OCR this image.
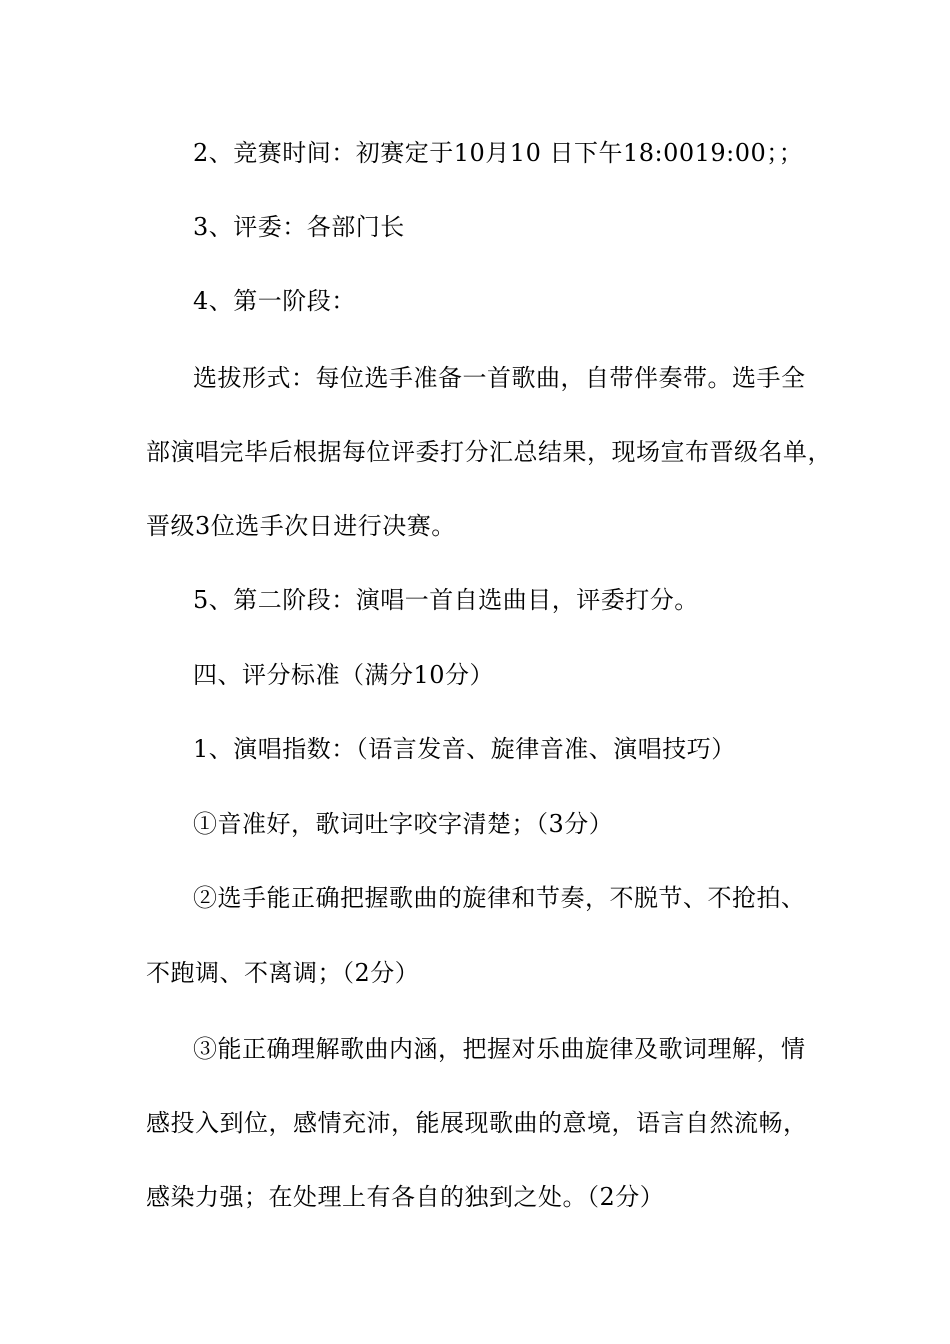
2、竞赛时间：初赛定于10月10 日下午18:0019:00；；
3、评委：各部门长
4、第一阶段：
选拔形式：每位选手准备一首歌曲，自带伴奏带。选手全
部演唱完毕后根据每位评委打分汇总结果，现场宣布晋级名单，
晋级3位选手次日进行决赛。
5、第二阶段：演唱一首自选曲目，评委打分。
四、评分标准（满分10分）
1、演唱指数：（语言发音、旋律音准、演唱技巧）
①音准好，歌词吐字咬字清楚；（3分）
②选手能正确把握歌曲的旋律和节奏，不脱节、不抢拍、
不跑调、不离调；（2分）
③能正确理解歌曲内涵，把握对乐曲旋律及歌词理解，情
感投入到位，感情充沛，能展现歌曲的意境，语言自然流畅，
感染力强；在处理上有各自的独到之处。（2分）
